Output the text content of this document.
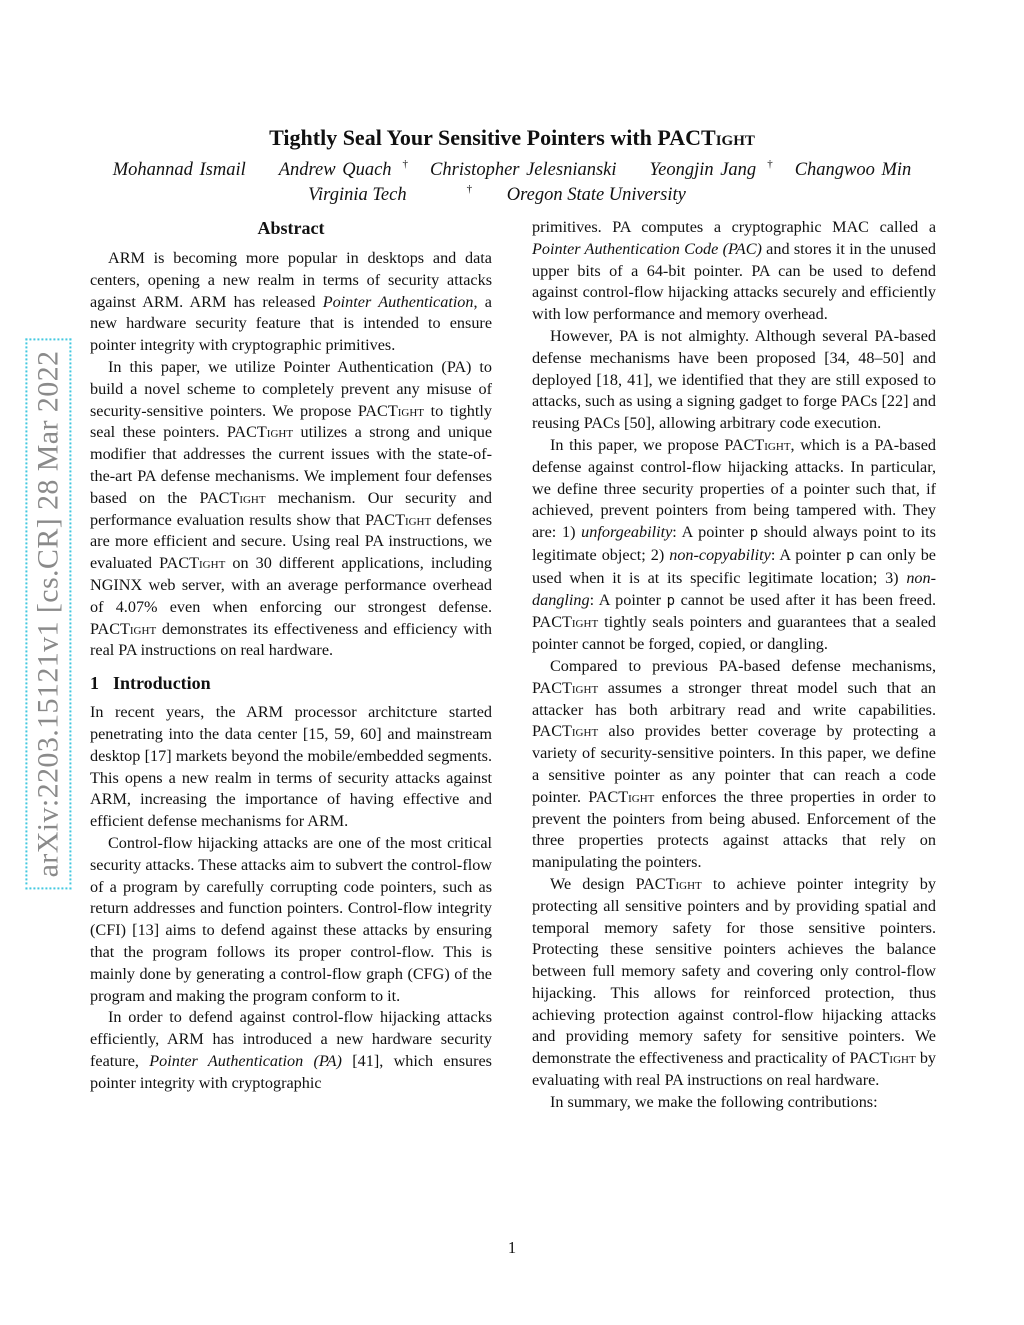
arXiv:2203.15121v1 [cs.CR] 28 Mar 2022
Tightly Seal Your Sensitive Pointers with PACTight
Mohannad Ismail Andrew Quach † Christopher Jelesnianski Yeongjin Jang † Changwoo Min
Virginia Tech	† Oregon State University
Abstract

ARM is becoming more popular in desktops and data centers, opening a new realm in terms of security attacks against ARM. ARM has released Pointer Authentication, a new hardware security feature that is intended to ensure pointer integrity with cryptographic primitives.

In this paper, we utilize Pointer Authentication (PA) to build a novel scheme to completely prevent any misuse of security-sensitive pointers. We propose PACTight to tightly seal these pointers. PACTight utilizes a strong and unique modifier that addresses the current issues with the state-of-the-art PA defense mechanisms. We implement four defenses based on the PACTight mechanism. Our security and performance evaluation results show that PACTight defenses are more efficient and secure. Using real PA instructions, we evaluated PACTight on 30 different applications, including NGINX web server, with an average performance overhead of 4.07% even when enforcing our strongest defense. PACTight demonstrates its effectiveness and efficiency with real PA instructions on real hardware.

1 Introduction

In recent years, the ARM processor architcture started penetrating into the data center [15, 59, 60] and mainstream desktop [17] markets beyond the mobile/embedded segments. This opens a new realm in terms of security attacks against ARM, increasing the importance of having effective and efficient defense mechanisms for ARM.

Control-flow hijacking attacks are one of the most critical security attacks. These attacks aim to subvert the control-flow of a program by carefully corrupting code pointers, such as return addresses and function pointers. Control-flow integrity (CFI) [13] aims to defend against these attacks by ensuring that the program follows its proper control-flow. This is mainly done by generating a control-flow graph (CFG) of the program and making the program conform to it.

In order to defend against control-flow hijacking attacks efficiently, ARM has introduced a new hardware security feature, Pointer Authentication (PA) [41], which ensures pointer integrity with cryptographic

primitives. PA computes a cryptographic MAC called a Pointer Authentication Code (PAC) and stores it in the unused upper bits of a 64-bit pointer. PA can be used to defend against control-flow hijacking attacks securely and efficiently with low performance and memory overhead.

However, PA is not almighty. Although several PA-based defense mechanisms have been proposed [34, 48–50] and deployed [18, 41], we identified that they are still exposed to attacks, such as using a signing gadget to forge PACs [22] and reusing PACs [50], allowing arbitrary code execution.

In this paper, we propose PACTight, which is a PA-based defense against control-flow hijacking attacks. In particular, we define three security properties of a pointer such that, if achieved, prevent pointers from being tampered with. They are: 1) unforgeability: A pointer p should always point to its legitimate object; 2) non-copyability: A pointer p can only be used when it is at its specific legitimate location; 3) non-dangling: A pointer p cannot be used after it has been freed. PACTight tightly seals pointers and guarantees that a sealed pointer cannot be forged, copied, or dangling.

Compared to previous PA-based defense mechanisms, PACTight assumes a stronger threat model such that an attacker has both arbitrary read and write capabilities. PACTight also provides better coverage by protecting a variety of security-sensitive pointers. In this paper, we define a sensitive pointer as any pointer that can reach a code pointer. PACTight enforces the three properties in order to prevent the pointers from being abused. Enforcement of the three properties protects against attacks that rely on manipulating the pointers.

We design PACTight to achieve pointer integrity by protecting all sensitive pointers and by providing spatial and temporal memory safety for those sensitive pointers. Protecting these sensitive pointers achieves the balance between full memory safety and covering only control-flow hijacking. This allows for reinforced protection, thus achieving protection against control-flow hijacking attacks and providing memory safety for sensitive pointers. We demonstrate the effectiveness and practicality of PACTight by evaluating with real PA instructions on real hardware.

In summary, we make the following contributions:

1
